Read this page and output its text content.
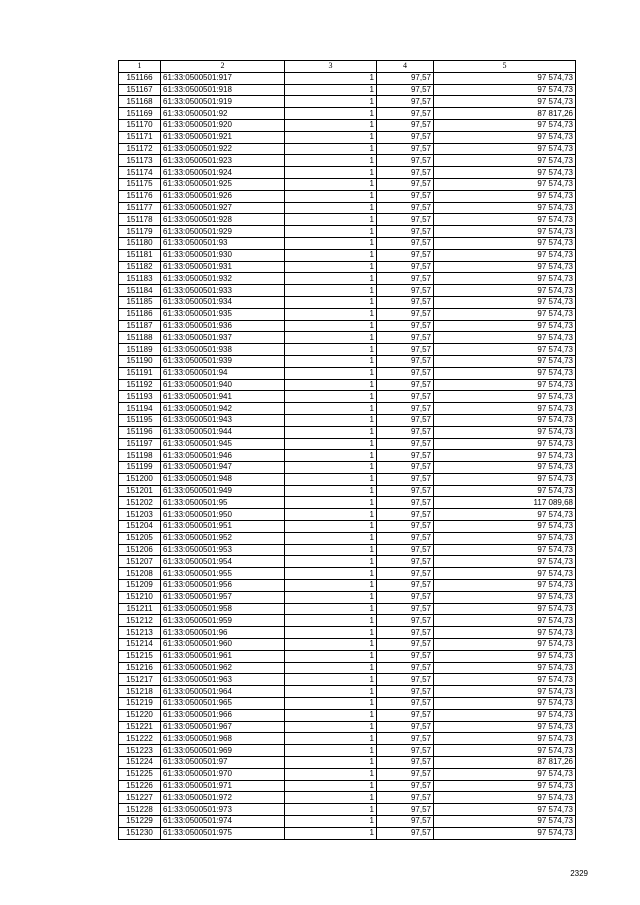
1	2	3	4	5
151166	61:33:0500501:917	1	97,57	97 574,73
151167	61:33:0500501:918	1	97,57	97 574,73
151168	61:33:0500501:919	1	97,57	97 574,73
151169	61:33:0500501:92	1	97,57	87 817,26
151170	61:33:0500501:920	1	97,57	97 574,73
151171	61:33:0500501:921	1	97,57	97 574,73
151172	61:33:0500501:922	1	97,57	97 574,73
151173	61:33:0500501:923	1	97,57	97 574,73
151174	61:33:0500501:924	1	97,57	97 574,73
151175	61:33:0500501:925	1	97,57	97 574,73
151176	61:33:0500501:926	1	97,57	97 574,73
151177	61:33:0500501:927	1	97,57	97 574,73
151178	61:33:0500501:928	1	97,57	97 574,73
151179	61:33:0500501:929	1	97,57	97 574,73
151180	61:33:0500501:93	1	97,57	97 574,73
151181	61:33:0500501:930	1	97,57	97 574,73
151182	61:33:0500501:931	1	97,57	97 574,73
151183	61:33:0500501:932	1	97,57	97 574,73
151184	61:33:0500501:933	1	97,57	97 574,73
151185	61:33:0500501:934	1	97,57	97 574,73
151186	61:33:0500501:935	1	97,57	97 574,73
151187	61:33:0500501:936	1	97,57	97 574,73
151188	61:33:0500501:937	1	97,57	97 574,73
151189	61:33:0500501:938	1	97,57	97 574,73
151190	61:33:0500501:939	1	97,57	97 574,73
151191	61:33:0500501:94	1	97,57	97 574,73
151192	61:33:0500501:940	1	97,57	97 574,73
151193	61:33:0500501:941	1	97,57	97 574,73
151194	61:33:0500501:942	1	97,57	97 574,73
151195	61:33:0500501:943	1	97,57	97 574,73
151196	61:33:0500501:944	1	97,57	97 574,73
151197	61:33:0500501:945	1	97,57	97 574,73
151198	61:33:0500501:946	1	97,57	97 574,73
151199	61:33:0500501:947	1	97,57	97 574,73
151200	61:33:0500501:948	1	97,57	97 574,73
151201	61:33:0500501:949	1	97,57	97 574,73
151202	61:33:0500501:95	1	97,57	117 089,68
151203	61:33:0500501:950	1	97,57	97 574,73
151204	61:33:0500501:951	1	97,57	97 574,73
151205	61:33:0500501:952	1	97,57	97 574,73
151206	61:33:0500501:953	1	97,57	97 574,73
151207	61:33:0500501:954	1	97,57	97 574,73
151208	61:33:0500501:955	1	97,57	97 574,73
151209	61:33:0500501:956	1	97,57	97 574,73
151210	61:33:0500501:957	1	97,57	97 574,73
151211	61:33:0500501:958	1	97,57	97 574,73
151212	61:33:0500501:959	1	97,57	97 574,73
151213	61:33:0500501:96	1	97,57	97 574,73
151214	61:33:0500501:960	1	97,57	97 574,73
151215	61:33:0500501:961	1	97,57	97 574,73
151216	61:33:0500501:962	1	97,57	97 574,73
151217	61:33:0500501:963	1	97,57	97 574,73
151218	61:33:0500501:964	1	97,57	97 574,73
151219	61:33:0500501:965	1	97,57	97 574,73
151220	61:33:0500501:966	1	97,57	97 574,73
151221	61:33:0500501:967	1	97,57	97 574,73
151222	61:33:0500501:968	1	97,57	97 574,73
151223	61:33:0500501:969	1	97,57	97 574,73
151224	61:33:0500501:97	1	97,57	87 817,26
151225	61:33:0500501:970	1	97,57	97 574,73
151226	61:33:0500501:971	1	97,57	97 574,73
151227	61:33:0500501:972	1	97,57	97 574,73
151228	61:33:0500501:973	1	97,57	97 574,73
151229	61:33:0500501:974	1	97,57	97 574,73
151230	61:33:0500501:975	1	97,57	97 574,73
2329
